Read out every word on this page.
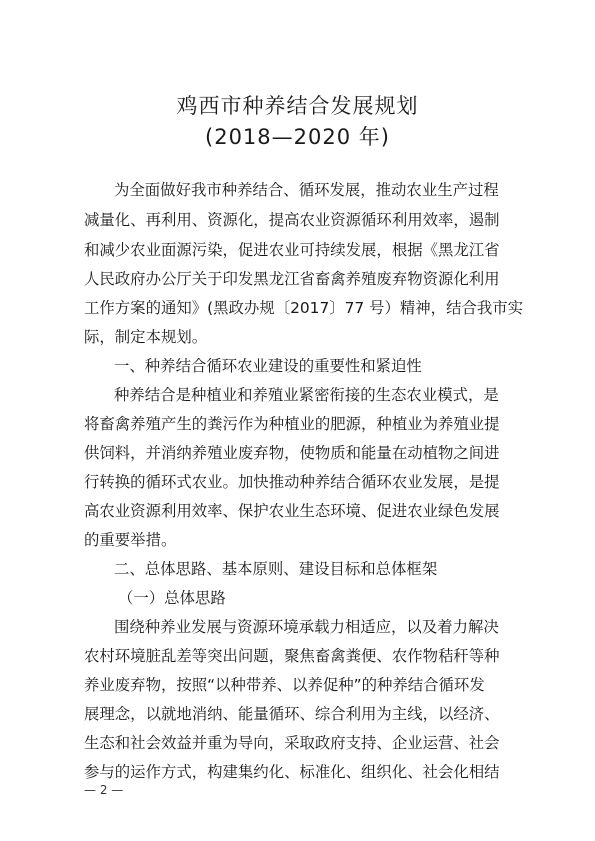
鸡西市种养结合发展规划
(2018—2020 年)
为全面做好我市种养结合、循环发展，推动农业生产过程
减量化、再利用、资源化，提高农业资源循环利用效率，遏制
和减少农业面源污染，促进农业可持续发展，根据《黑龙江省
人民政府办公厅关于印发黑龙江省畜禽养殖废弃物资源化利用
工作方案的通知》(黑政办规〔2017〕77 号）精神，结合我市实
际，制定本规划。
一、种养结合循环农业建设的重要性和紧迫性
种养结合是种植业和养殖业紧密衔接的生态农业模式，是
将畜禽养殖产生的粪污作为种植业的肥源，种植业为养殖业提
供饲料，并消纳养殖业废弃物，使物质和能量在动植物之间进
行转换的循环式农业。加快推动种养结合循环农业发展，是提
高农业资源利用效率、保护农业生态环境、促进农业绿色发展
的重要举措。
二、总体思路、基本原则、建设目标和总体框架
（一）总体思路
围绕种养业发展与资源环境承载力相适应，以及着力解决
农村环境脏乱差等突出问题，聚焦畜禽粪便、农作物秸秆等种
养业废弃物，按照“以种带养、以养促种”的种养结合循环发
展理念，以就地消纳、能量循环、综合利用为主线，以经济、
生态和社会效益并重为导向，采取政府支持、企业运营、社会
参与的运作方式，构建集约化、标准化、组织化、社会化相结
— 2 —
